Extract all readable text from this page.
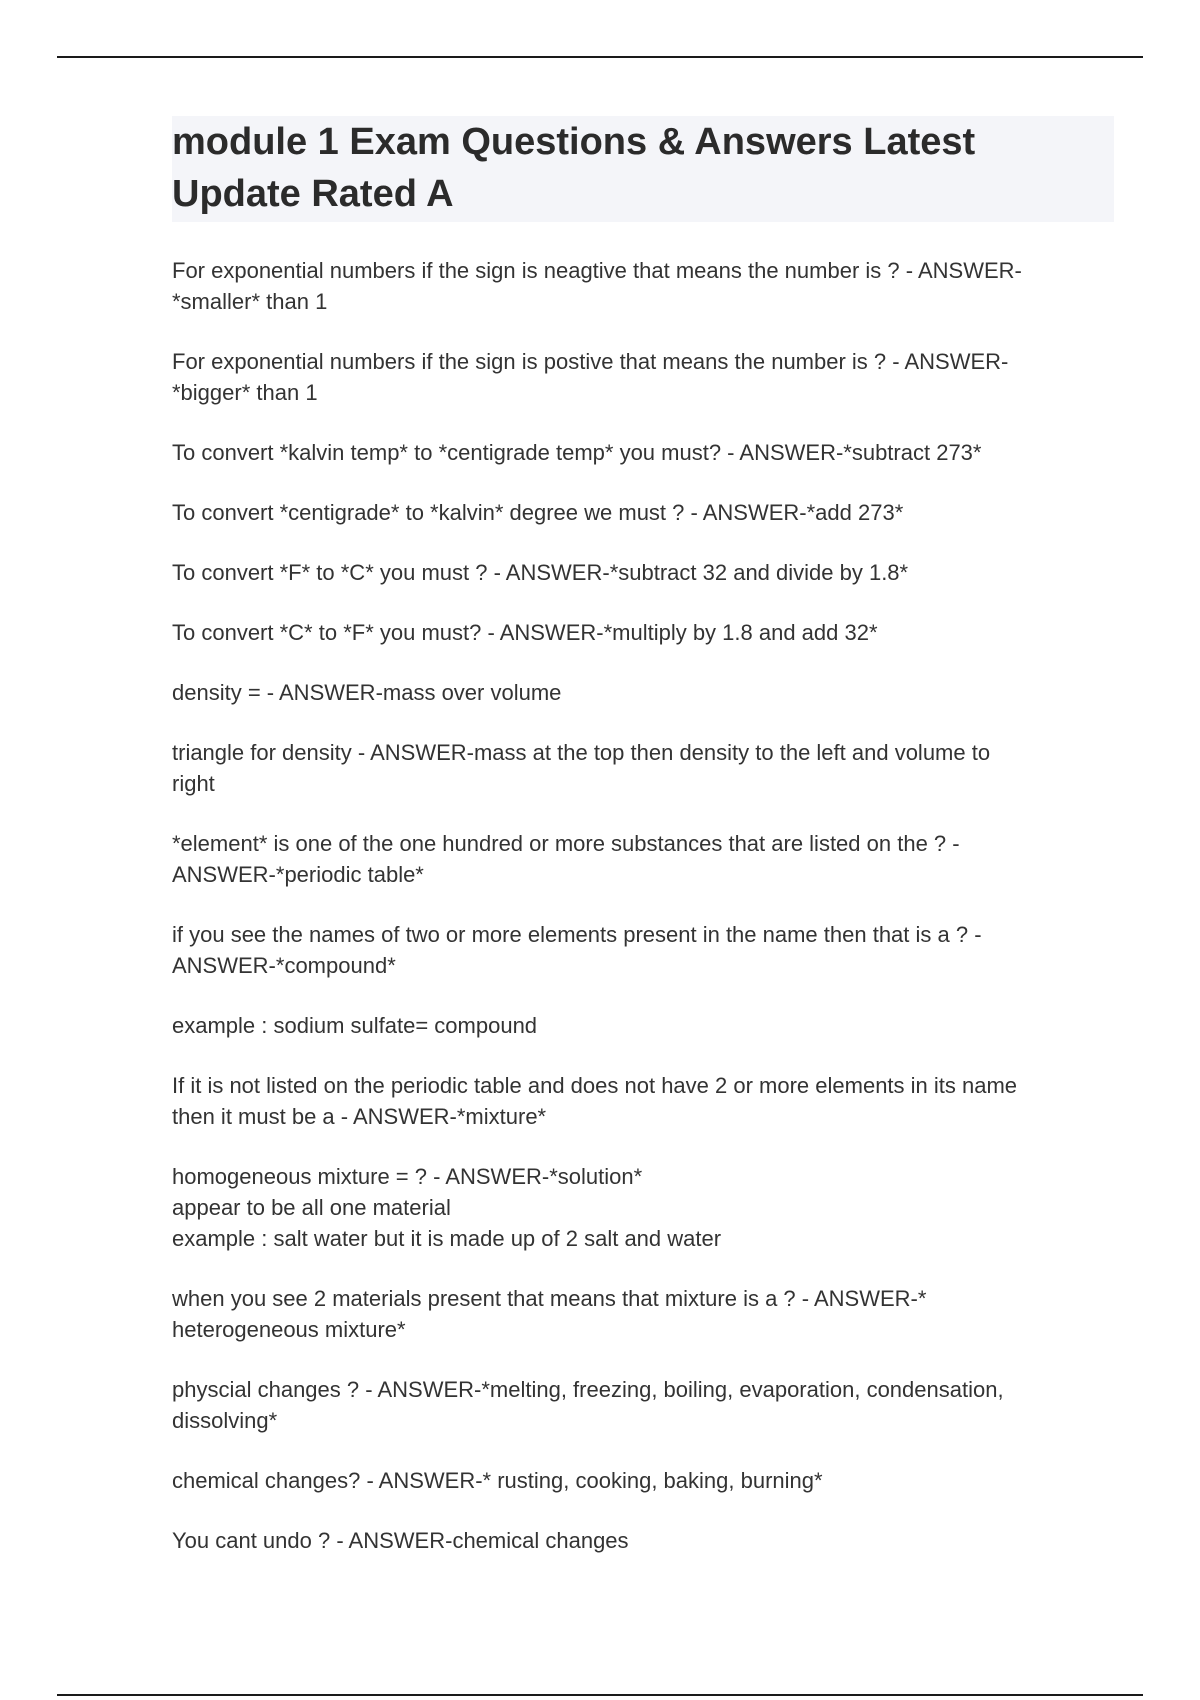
module 1 Exam Questions & Answers Latest Update Rated A
For exponential numbers if the sign is neagtive that means the number is ? - ANSWER-
*smaller* than 1
For exponential numbers if the sign is postive that means the number is ? - ANSWER-
*bigger* than 1
To convert *kalvin temp* to *centigrade temp* you must? - ANSWER-*subtract 273*
To convert *centigrade* to *kalvin* degree we must ? - ANSWER-*add 273*
To convert *F* to *C* you must ? - ANSWER-*subtract 32 and divide by 1.8*
To convert *C* to *F* you must? - ANSWER-*multiply by 1.8 and add 32*
density = - ANSWER-mass over volume
triangle for density - ANSWER-mass at the top then density to the left and volume to
right
*element* is one of the one hundred or more substances that are listed on the ? -
ANSWER-*periodic table*
if you see the names of two or more elements present in the name then that is a ? -
ANSWER-*compound*
example : sodium sulfate= compound
If it is not listed on the periodic table and does not have 2 or more elements in its name
then it must be a - ANSWER-*mixture*
homogeneous mixture = ? - ANSWER-*solution*
appear to be all one material
example : salt water but it is made up of 2 salt and water
when you see 2 materials present that means that mixture is a ? - ANSWER-*
heterogeneous mixture*
physcial changes ? - ANSWER-*melting, freezing, boiling, evaporation, condensation,
dissolving*
chemical changes? - ANSWER-* rusting, cooking, baking, burning*
You cant undo ? - ANSWER-chemical changes
